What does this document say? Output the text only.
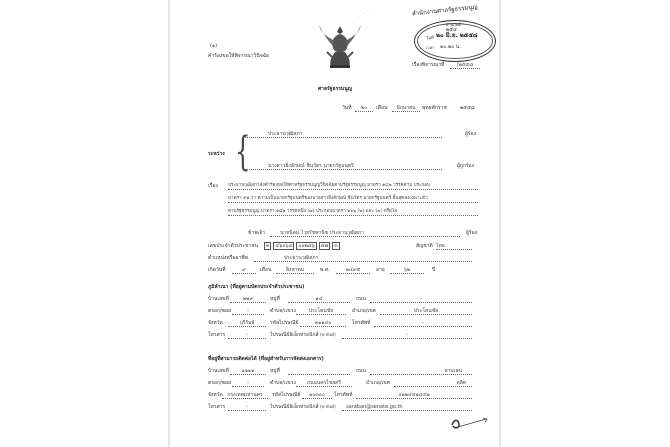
(๑)
คำร้องขอให้พิจารณาวินิจฉัย
สำนักงานศาลรัฐธรรมนูญ
สำนักคดี
๒๕๔
วันที่ ๒๐ มิ.ย. ๒๕๕๘
เวลา ๑๐.๒๐ น.
เรื่องพิจารณาที่	/๒๕๕๘
ศาลรัฐธรรมนูญ
วันที่	๒๐	เดือน	มิถุนายน	พุทธศักราช	๒๕๕๘
{
ระหว่าง
ประธานวุฒิสภา	ผู้ร้อง
นางสาวยิ่งลักษณ์ ชินวัตร นายกรัฐมนตรี	ผู้ถูกร้อง
เรื่อง ประธานวุฒิสภาส่งคำร้องขอให้ศาลรัฐธรรมนูญวินิจฉัยตามรัฐธรรมนูญ มาตรา ๑๘๒ วรรคสาม ประกอบ
มาตรา ๙๑ ว่า ความเป็นนายกรัฐมนตรีของนางสาวยิ่งลักษณ์ ชินวัตร นายกรัฐมนตรี สิ้นสุดลงเฉพาะตัว
ตามรัฐธรรมนูญ มาตรา ๑๘๒ วรรคหนึ่ง (๗) ประกอบมาตรา ๒๖๖ (๒) และ (๓) หรือไม่
ข้าพเจ้า	นายนิคม ไวยรัชพานิช ประธานวุฒิสภา	ผู้ร้อง
เลขประจำตัวประชาชน	๓ ๔๖๐๖๔ ๐๐๒๔๖ ๔๗ ๓	สัญชาติ ไทย
ตำแหน่งหรืออาชีพ	ประธานวุฒิสภา
เกิดวันที่	๙	เดือน	สิงหาคม	พ.ศ.	๒๔๙๕	อายุ	๖๒	ปี
ภูมิลำเนา (ที่อยู่ตามบัตรประจำตัวประชาชน)
บ้านเลขที่	๒๒๙	หมู่ที่	๑๔	ถนน	-
ตรอก/ซอย	-	ตำบล/แขวง	ประโคนชัย	อำเภอ/เขต	ประโคนชัย
จังหวัด	บุรีรัมย์	รหัสไปรษณีย์	๓๑๑๔๐	โทรศัพท์	-
โทรสาร	-	ไปรษณีย์อิเล็กทรอนิกส์ (e-mail)	-
ที่อยู่ที่สามารถติดต่อได้ (ที่อยู่สำหรับการจัดส่งเอกสาร)
บ้านเลขที่	๑๑๑๑	หมู่ที่	-	ถนน	สามเสน
ตรอก/ซอย	-	ตำบล/แขวง	ถนนนครไชยศรี	อำเภอ/เขต	ดุสิต
จังหวัด กรุงเทพมหานคร	รหัสไปรษณีย์	๑๐๓๐๐	โทรศัพท์	๐๒๒๔๔๑๔๔๒
โทรสาร	-	ไปรษณีย์อิเล็กทรอนิกส์ (e-mail)	saraban@senate.go.th
